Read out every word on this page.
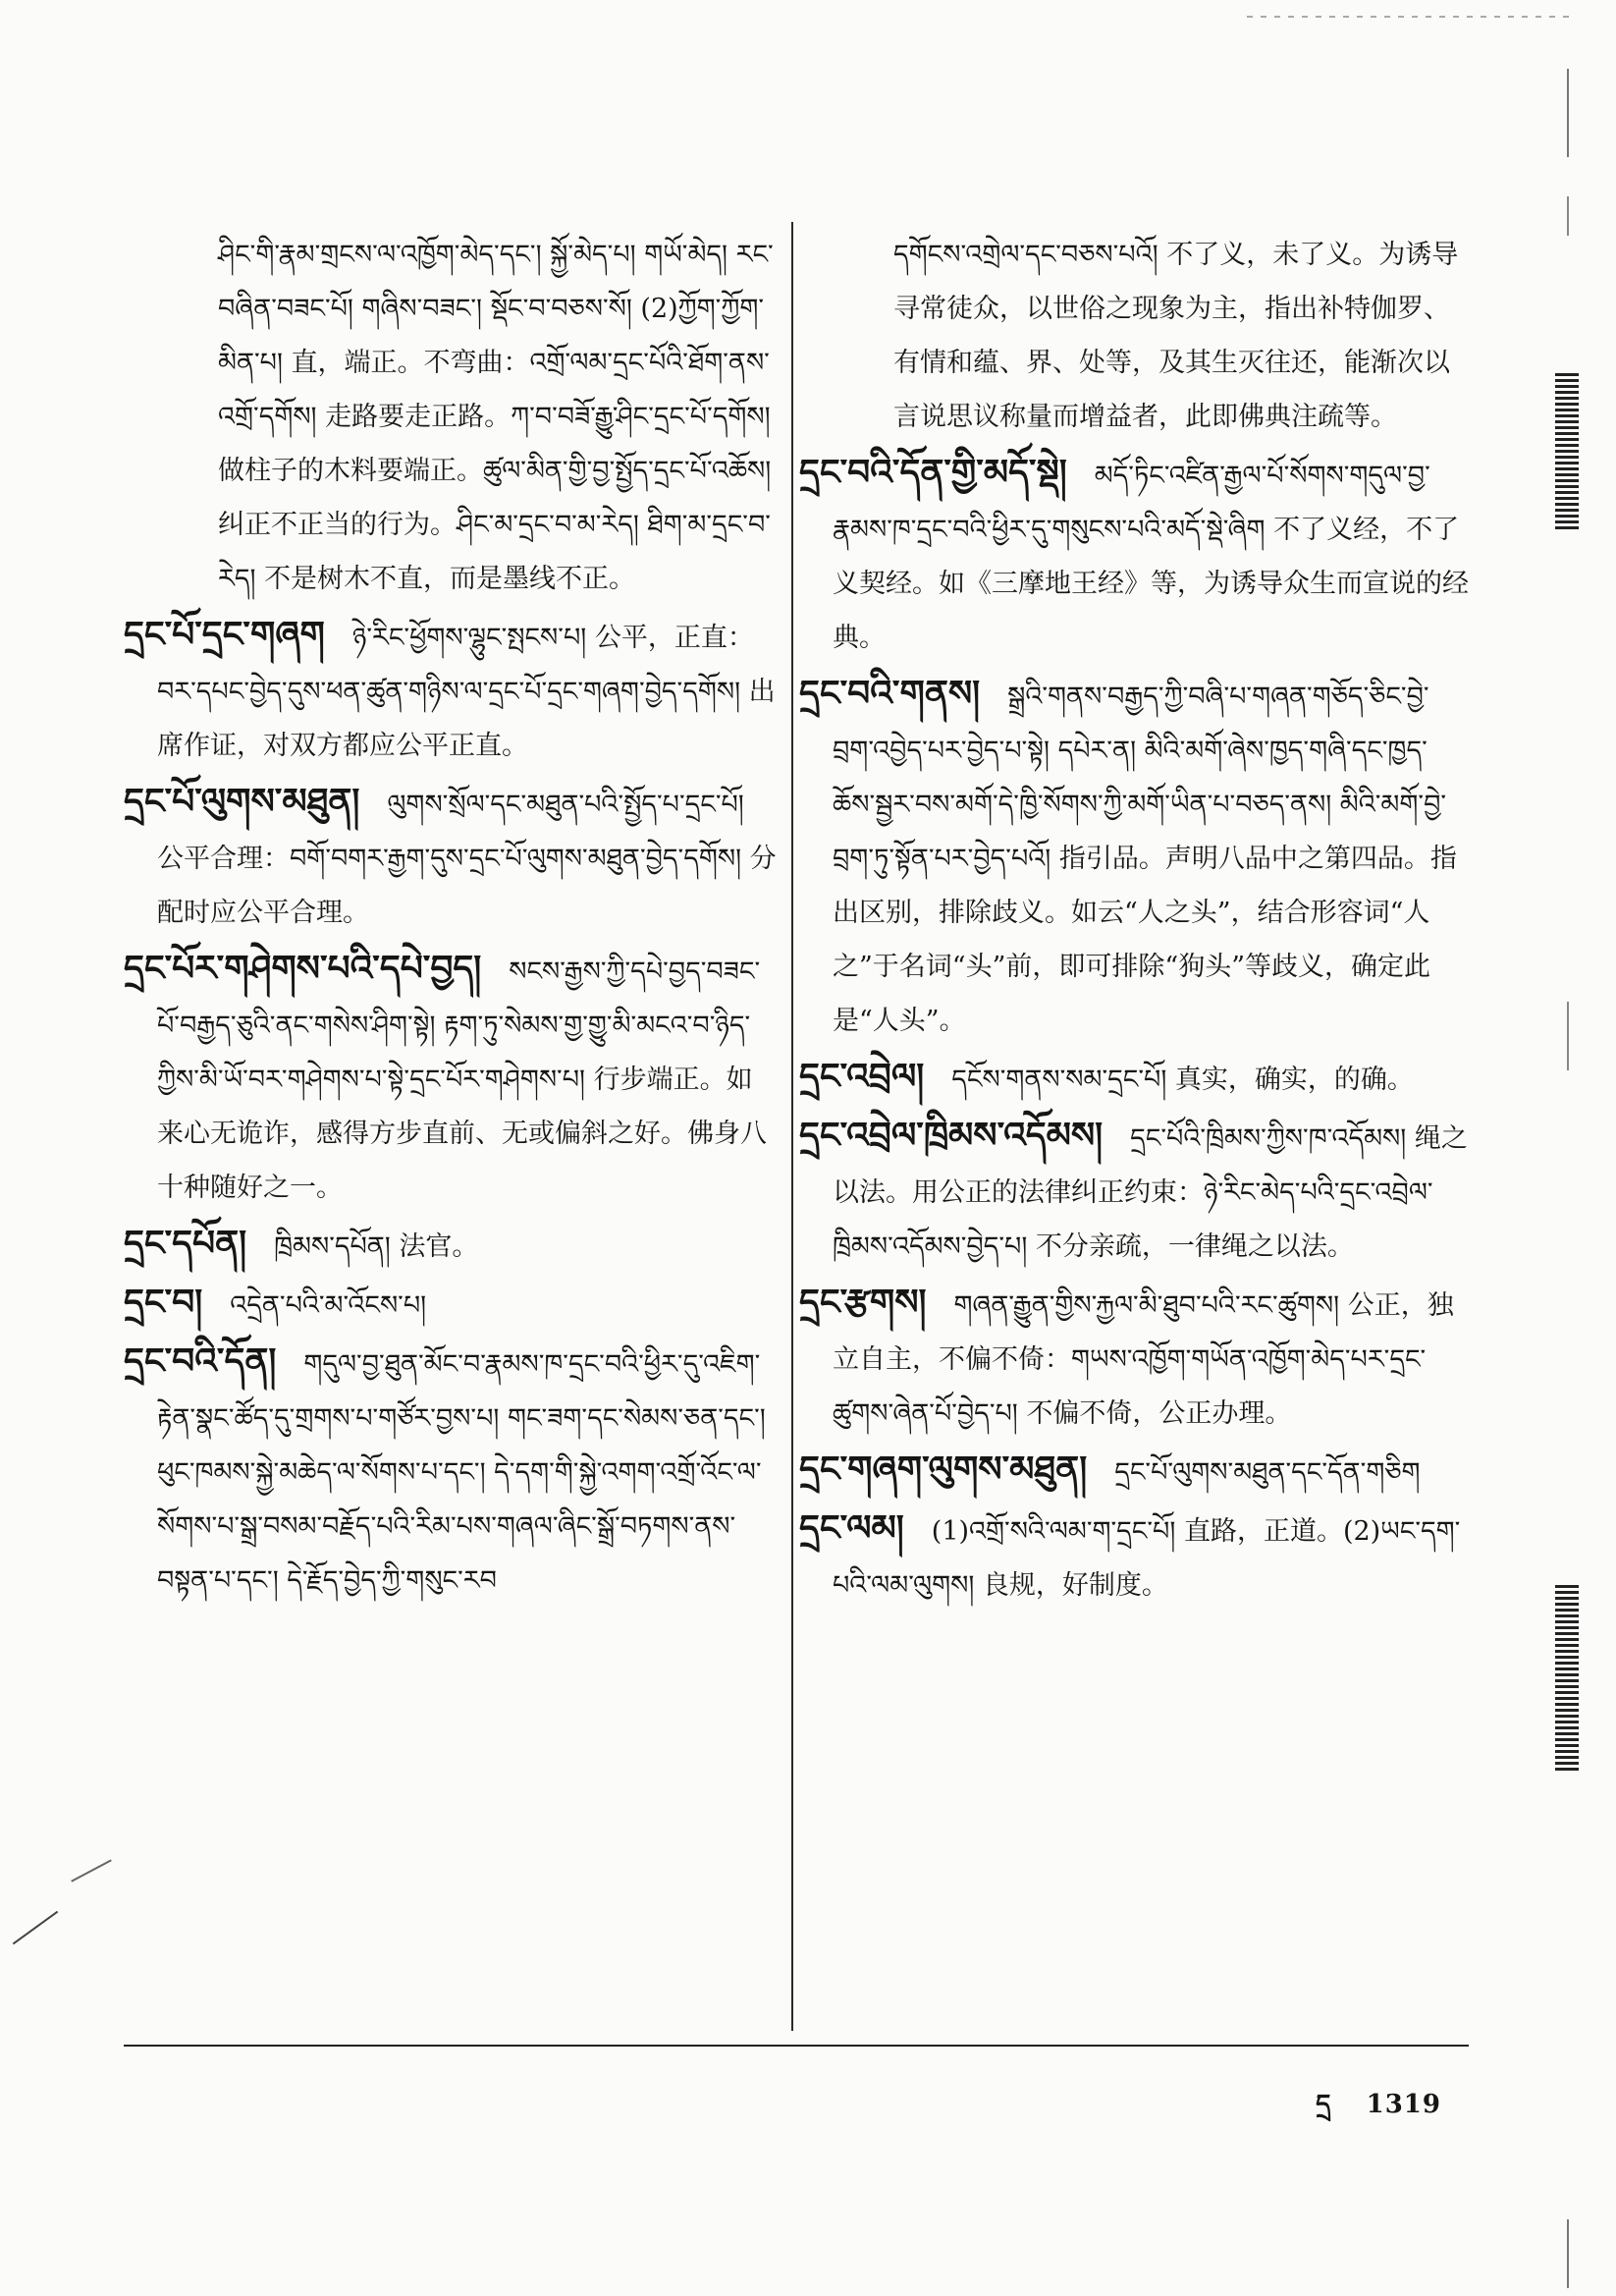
ཤིང་གི་རྣམ་གྲངས་ལ་འཁྱོག་མེད་དང་། སྐྱོ་མེད་པ། གཡོ་མེད། རང་བཞིན་བཟང་པོ། གཞིས་བཟང་། སྡོང་བ་བཅས་སོ། (2)ཀྱོག་ཀྱོག་མིན་པ། 直，端正。不弯曲：འགྲོ་ལམ་དྲང་པོའི་ཐོག་ནས་འགྲོ་དགོས། 走路要走正路。ཀ་བ་བཟོ་རྒྱུ་ཤིང་དྲང་པོ་དགོས། 做柱子的木料要端正。ཚུལ་མིན་གྱི་བྱ་སྤྱོད་དྲང་པོ་འཆོས། 纠正不正当的行为。ཤིང་མ་དྲང་བ་མ་རེད། ཐིག་མ་དྲང་བ་རེད། 不是树木不直，而是墨线不正。
དྲང་པོ་དྲང་གཞག ཉེ་རིང་ཕྱོགས་ལྷུང་སྤངས་པ། 公平，正直：བར་དཔང་བྱེད་དུས་ཕན་ཚུན་གཉིས་ལ་དྲང་པོ་དྲང་གཞག་བྱེད་དགོས། 出席作证，对双方都应公平正直。
དྲང་པོ་ལུགས་མཐུན། ལུགས་སྲོལ་དང་མཐུན་པའི་སྤྱོད་པ་དྲང་པོ། 公平合理：བགོ་བགར་རྒྱག་དུས་དྲང་པོ་ལུགས་མཐུན་བྱེད་དགོས། 分配时应公平合理。
དྲང་པོར་གཤེགས་པའི་དཔེ་བྱད། སངས་རྒྱས་ཀྱི་དཔེ་བྱད་བཟང་པོ་བརྒྱད་ཅུའི་ནང་གསེས་ཤིག་སྟེ། རྟག་ཏུ་སེམས་གྱ་གྱུ་མི་མངའ་བ་ཉིད་ཀྱིས་མི་ཡོ་བར་གཤེགས་པ་སྟེ་དྲང་པོར་གཤེགས་པ། 行步端正。如来心无诡诈，感得方步直前、无或偏斜之好。佛身八十种随好之一。
དྲང་དཔོན། ཁྲིམས་དཔོན། 法官。
དྲང་བ། འདྲེན་པའི་མ་འོངས་པ།
དྲང་བའི་དོན། གདུལ་བྱ་ཐུན་མོང་བ་རྣམས་ཁ་དྲང་བའི་ཕྱིར་དུ་འཇིག་རྟེན་སྣང་ཚོད་དུ་གྲགས་པ་གཙོར་བྱས་པ། གང་ཟག་དང་སེམས་ཅན་དང་། ཕུང་ཁམས་སྐྱེ་མཆེད་ལ་སོགས་པ་དང་། དེ་དག་གི་སྐྱེ་འགག་འགྲོ་འོང་ལ་སོགས་པ་སྒྲ་བསམ་བརྗོད་པའི་རིམ་པས་གཞལ་ཞིང་སྒྲོ་བཏགས་ནས་བསྟན་པ་དང་། དེ་རྗོད་བྱེད་ཀྱི་གསུང་རབ
དགོངས་འགྲེལ་དང་བཅས་པའོ། 不了义，未了义。为诱导寻常徒众，以世俗之现象为主，指出补特伽罗、有情和蕴、界、处等，及其生灭往还，能渐次以言说思议称量而增益者，此即佛典注疏等。
དྲང་བའི་དོན་གྱི་མདོ་སྡེ། མདོ་ཏིང་འཛིན་རྒྱལ་པོ་སོགས་གདུལ་བྱ་རྣམས་ཁ་དྲང་བའི་ཕྱིར་དུ་གསུངས་པའི་མདོ་སྡེ་ཞིག 不了义经，不了义契经。如《三摩地王经》等，为诱导众生而宣说的经典。
དྲང་བའི་གནས། སྒྲའི་གནས་བརྒྱད་ཀྱི་བཞི་པ་གཞན་གཅོད་ཅིང་བྱེ་བྲག་འབྱེད་པར་བྱེད་པ་སྟེ། དཔེར་ན། མིའི་མགོ་ཞེས་ཁྱད་གཞི་དང་ཁྱད་ཆོས་སྦྱར་བས་མགོ་དེ་ཁྱི་སོགས་ཀྱི་མགོ་ཡིན་པ་བཅད་ནས། མིའི་མགོ་བྱེ་བྲག་ཏུ་སྟོན་པར་བྱེད་པའོ། 指引品。声明八品中之第四品。指出区别，排除歧义。如云“人之头”，结合形容词“人之”于名词“头”前，即可排除“狗头”等歧义，确定此是“人头”。
དྲང་འབྲེལ། དངོས་གནས་སམ་དྲང་པོ། 真实，确实，的确。
དྲང་འབྲེལ་ཁྲིམས་འདོམས། དྲང་པོའི་ཁྲིམས་ཀྱིས་ཁ་འདོམས། 绳之以法。用公正的法律纠正约束：ཉེ་རིང་མེད་པའི་དྲང་འབྲེལ་ཁྲིམས་འདོམས་བྱེད་པ། 不分亲疏，一律绳之以法。
དྲང་རྩགས། གཞན་རྒྱུན་གྱིས་རྐྱལ་མི་ཐུབ་པའི་རང་ཚུགས། 公正，独立自主，不偏不倚：གཡས་འཁྱོག་གཡོན་འཁྱོག་མེད་པར་དྲང་ཚུགས་ཞེན་པོ་བྱེད་པ། 不偏不倚，公正办理。
དྲང་གཞག་ལུགས་མཐུན། དྲང་པོ་ལུགས་མཐུན་དང་དོན་གཅིག
དྲང་ལམ། (1)འགྲོ་སའི་ལམ་ག་དྲང་པོ། 直路，正道。(2)ཡང་དག་པའི་ལམ་ལུགས། 良规，好制度。
དྲ 1319
